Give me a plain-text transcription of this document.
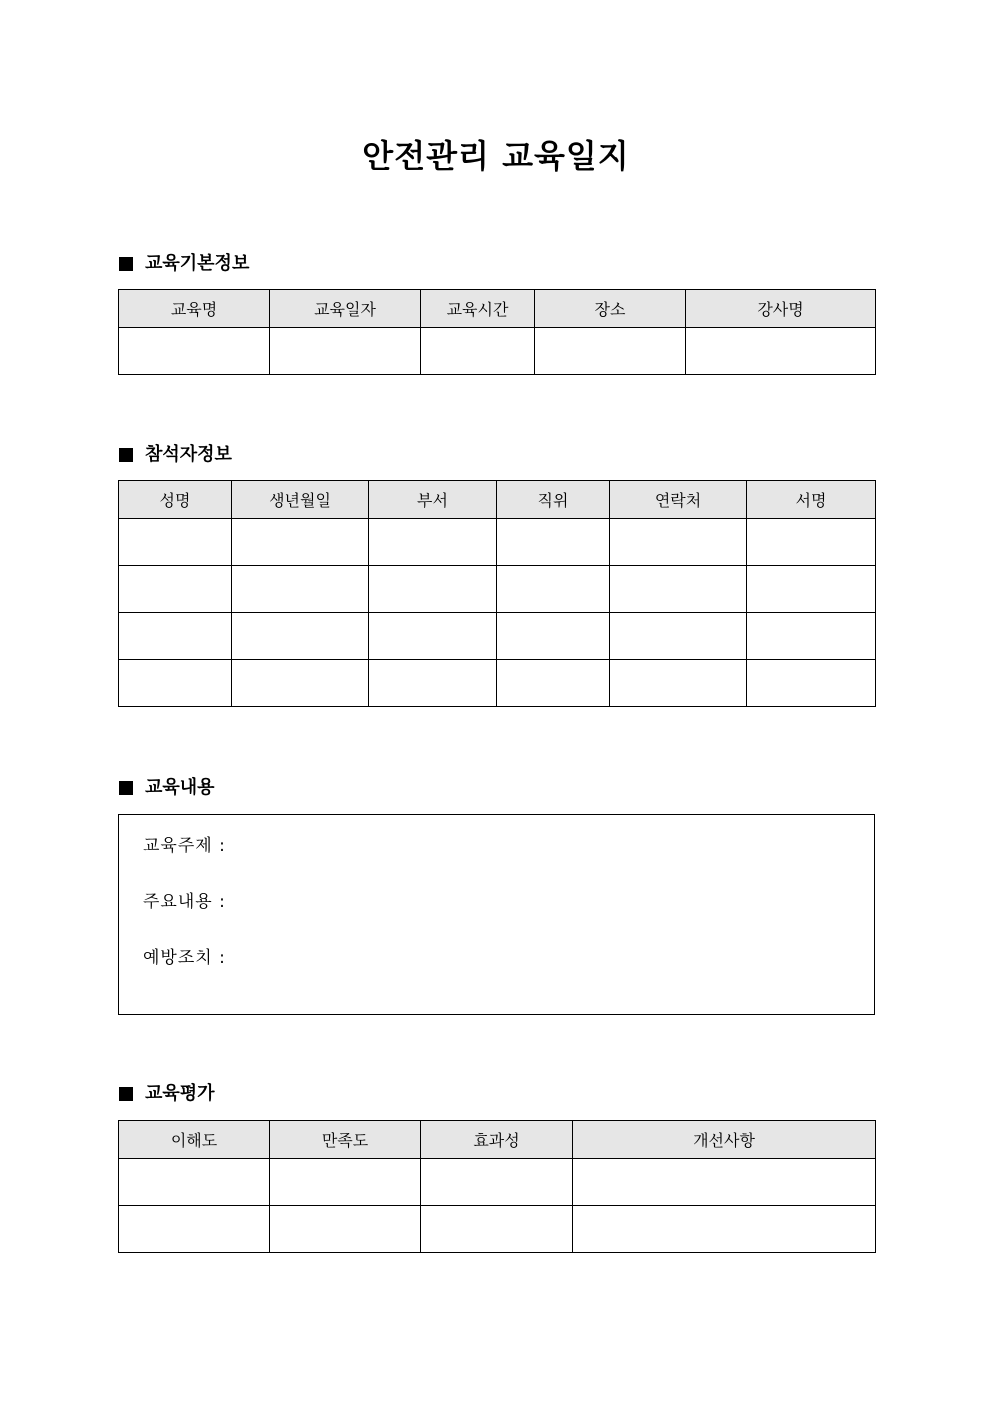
안전관리 교육일지
교육기본정보
교육명	교육일자	교육시간	장소	강사명

참석자정보
성명	생년월일	부서	직위	연락처	서명

교육내용
교육주제 :
주요내용 :
예방조치 :
교육평가
이해도	만족도	효과성	개선사항
